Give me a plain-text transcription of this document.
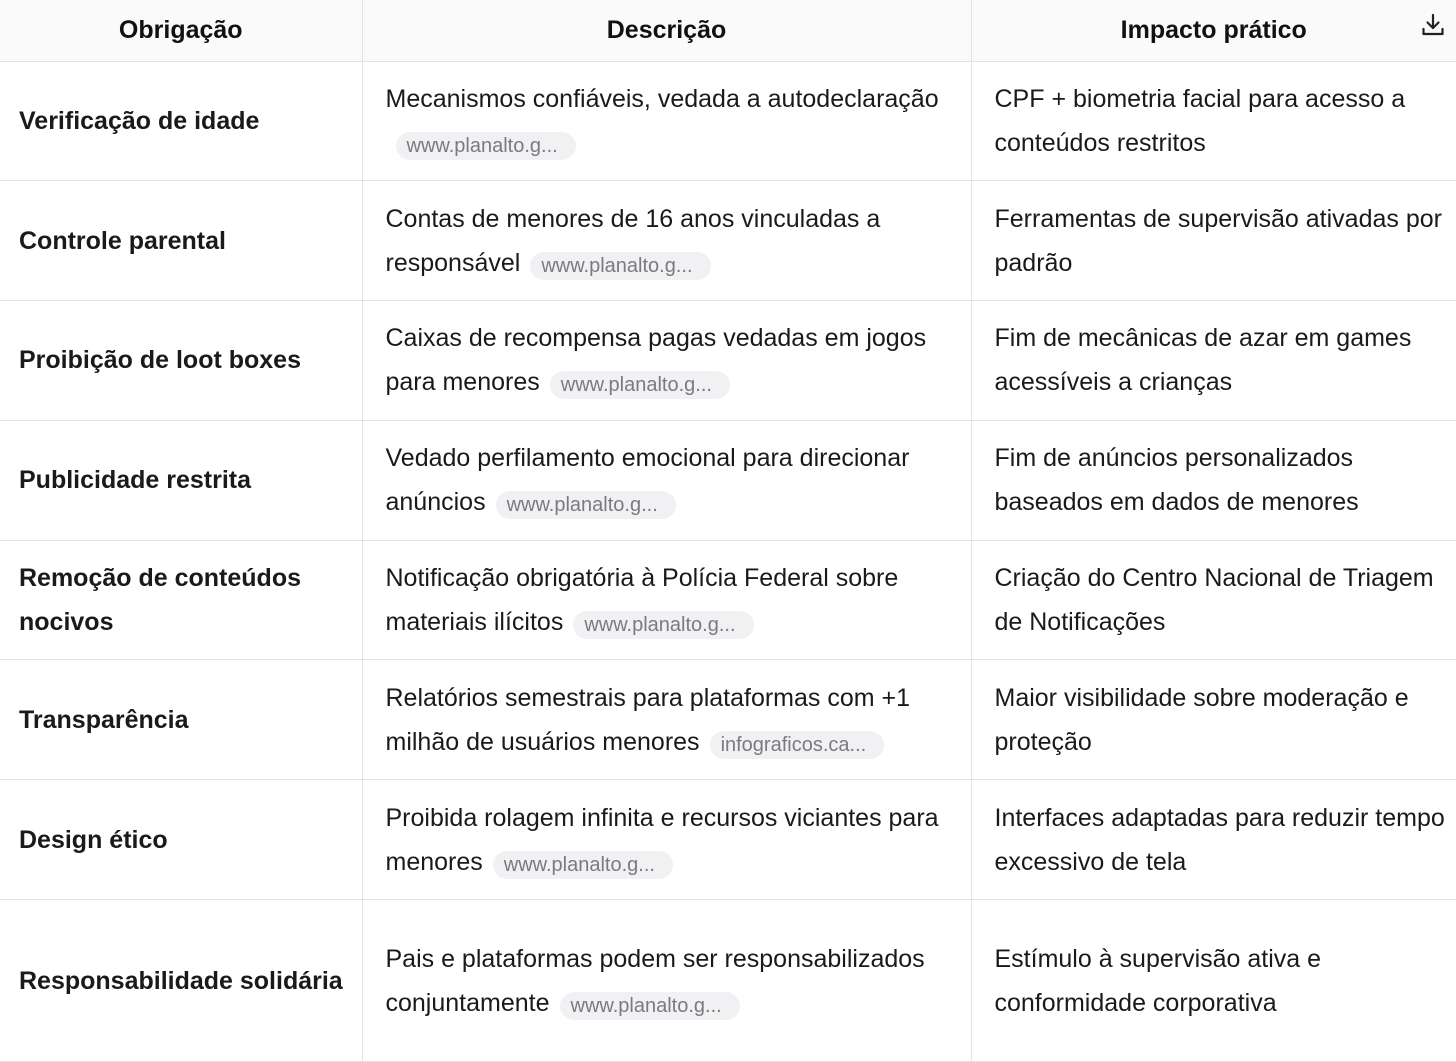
Obrigação	Descrição	Impacto prático
Verificação de idade	Mecanismos confiáveis, vedada a autodeclaraçãowww.planalto.g...	CPF + biometria facial para acesso a conteúdos restritos
Controle parental	Contas de menores de 16 anos vinculadas a responsável www.planalto.g...	Ferramentas de supervisão ativadas por padrão
Proibição de loot boxes	Caixas de recompensa pagas vedadas em jogos para menores www.planalto.g...	Fim de mecânicas de azar em games acessíveis a crianças
Publicidade restrita	Vedado perfilamento emocional para direcionar anúncios www.planalto.g...	Fim de anúncios personalizados baseados em dados de menores
Remoção de conteúdos nocivos	Notificação obrigatória à Polícia Federal sobre materiais ilícitos www.planalto.g...	Criação do Centro Nacional de Triagem de Notificações
Transparência	Relatórios semestrais para plataformas com +1 milhão de usuários menores infograficos.ca...	Maior visibilidade sobre moderação e proteção
Design ético	Proibida rolagem infinita e recursos viciantes para menores www.planalto.g...	Interfaces adaptadas para reduzir tempo excessivo de tela
Responsabilidade solidária	Pais e plataformas podem ser responsabilizados conjuntamente www.planalto.g...	Estímulo à supervisão ativa e conformidade corporativa
